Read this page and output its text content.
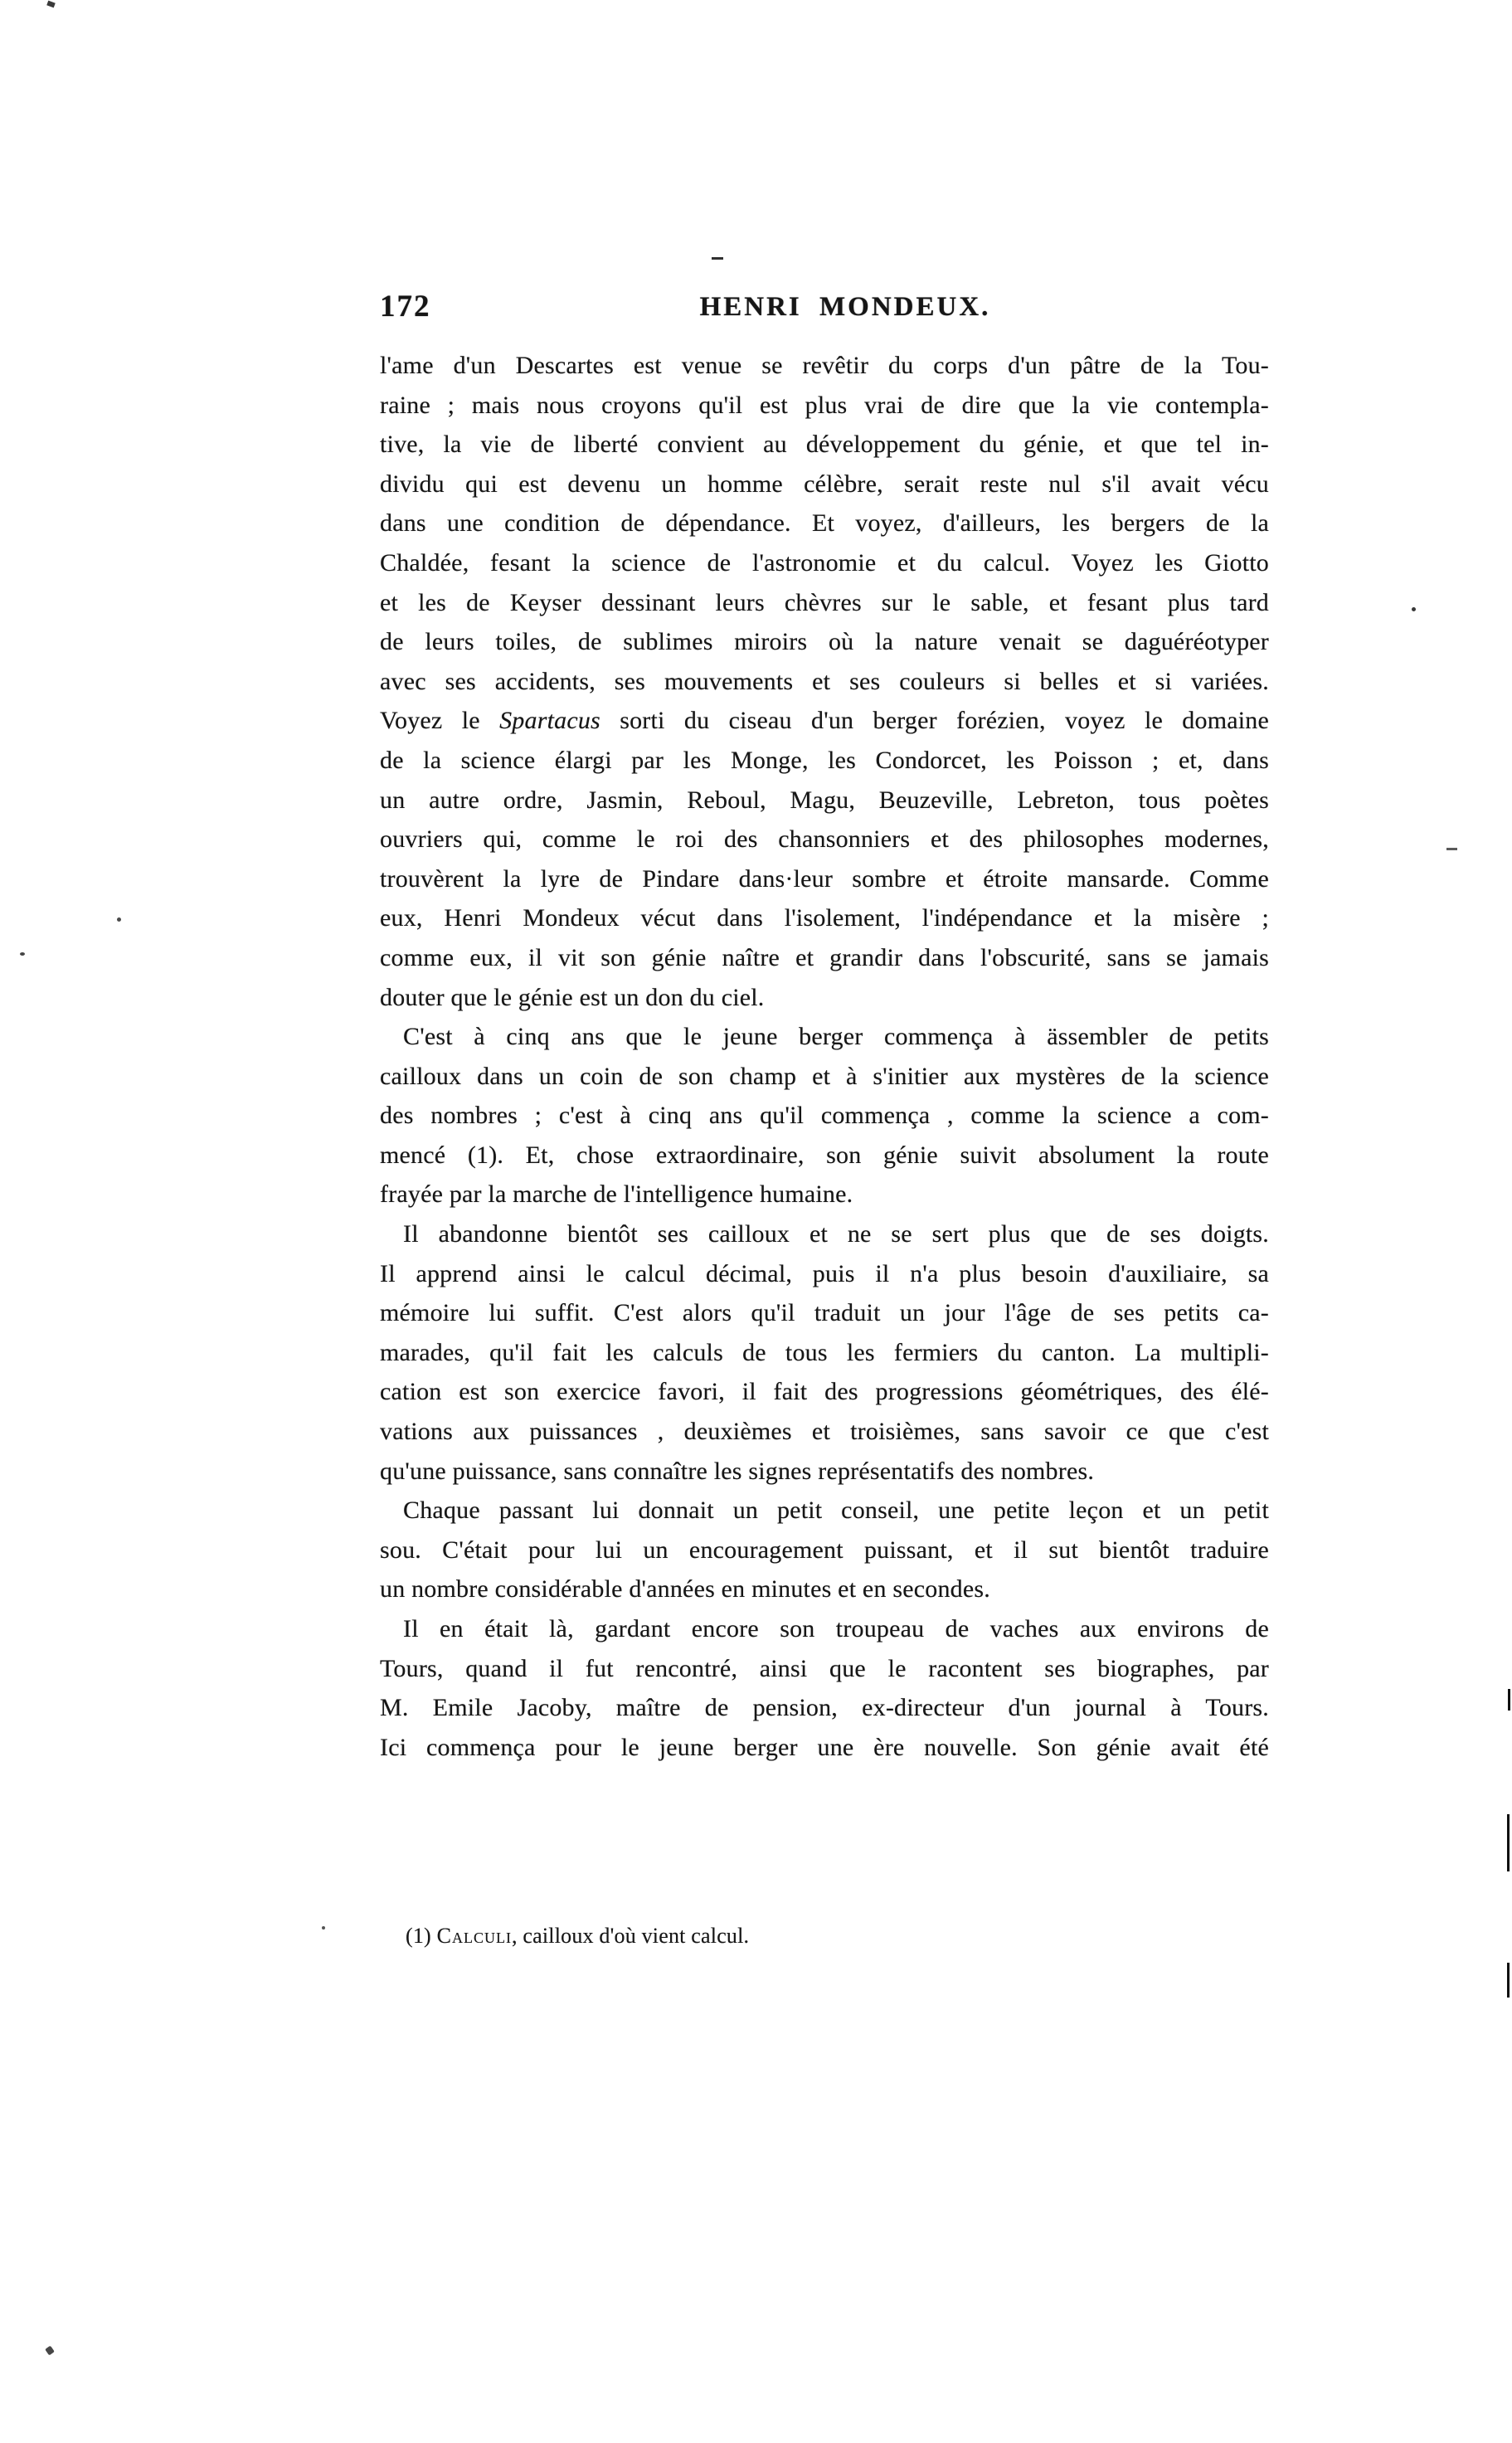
172	HENRI MONDEUX.
l'ame d'un Descartes est venue se revêtir du corps d'un pâtre de la Tou-
raine ; mais nous croyons qu'il est plus vrai de dire que la vie contempla-
tive, la vie de liberté convient au développement du génie, et que tel in-
dividu qui est devenu un homme célèbre, serait reste nul s'il avait vécu
dans une condition de dépendance. Et voyez, d'ailleurs, les bergers de la
Chaldée, fesant la science de l'astronomie et du calcul. Voyez les Giotto
et les de Keyser dessinant leurs chèvres sur le sable, et fesant plus tard
de leurs toiles, de sublimes miroirs où la nature venait se daguéréotyper
avec ses accidents, ses mouvements et ses couleurs si belles et si variées.
Voyez le Spartacus sorti du ciseau d'un berger forézien, voyez le domaine
de la science élargi par les Monge, les Condorcet, les Poisson ; et, dans
un autre ordre, Jasmin, Reboul, Magu, Beuzeville, Lebreton, tous poètes
ouvriers qui, comme le roi des chansonniers et des philosophes modernes,
trouvèrent la lyre de Pindare dans·leur sombre et étroite mansarde. Comme
eux, Henri Mondeux vécut dans l'isolement, l'indépendance et la misère ;
comme eux, il vit son génie naître et grandir dans l'obscurité, sans se jamais
douter que le génie est un don du ciel.
C'est à cinq ans que le jeune berger commença à ässembler de petits
cailloux dans un coin de son champ et à s'initier aux mystères de la science
des nombres ; c'est à cinq ans qu'il commença , comme la science a com-
mencé (1). Et, chose extraordinaire, son génie suivit absolument la route
frayée par la marche de l'intelligence humaine.
Il abandonne bientôt ses cailloux et ne se sert plus que de ses doigts.
Il apprend ainsi le calcul décimal, puis il n'a plus besoin d'auxiliaire, sa
mémoire lui suffit. C'est alors qu'il traduit un jour l'âge de ses petits ca-
marades, qu'il fait les calculs de tous les fermiers du canton. La multipli-
cation est son exercice favori, il fait des progressions géométriques, des élé-
vations aux puissances , deuxièmes et troisièmes, sans savoir ce que c'est
qu'une puissance, sans connaître les signes représentatifs des nombres.
Chaque passant lui donnait un petit conseil, une petite leçon et un petit
sou. C'était pour lui un encouragement puissant, et il sut bientôt traduire
un nombre considérable d'années en minutes et en secondes.
Il en était là, gardant encore son troupeau de vaches aux environs de
Tours, quand il fut rencontré, ainsi que le racontent ses biographes, par
M. Emile Jacoby, maître de pension, ex-directeur d'un journal à Tours.
Ici commença pour le jeune berger une ère nouvelle. Son génie avait été
(1) Calculi, cailloux d'où vient calcul.
